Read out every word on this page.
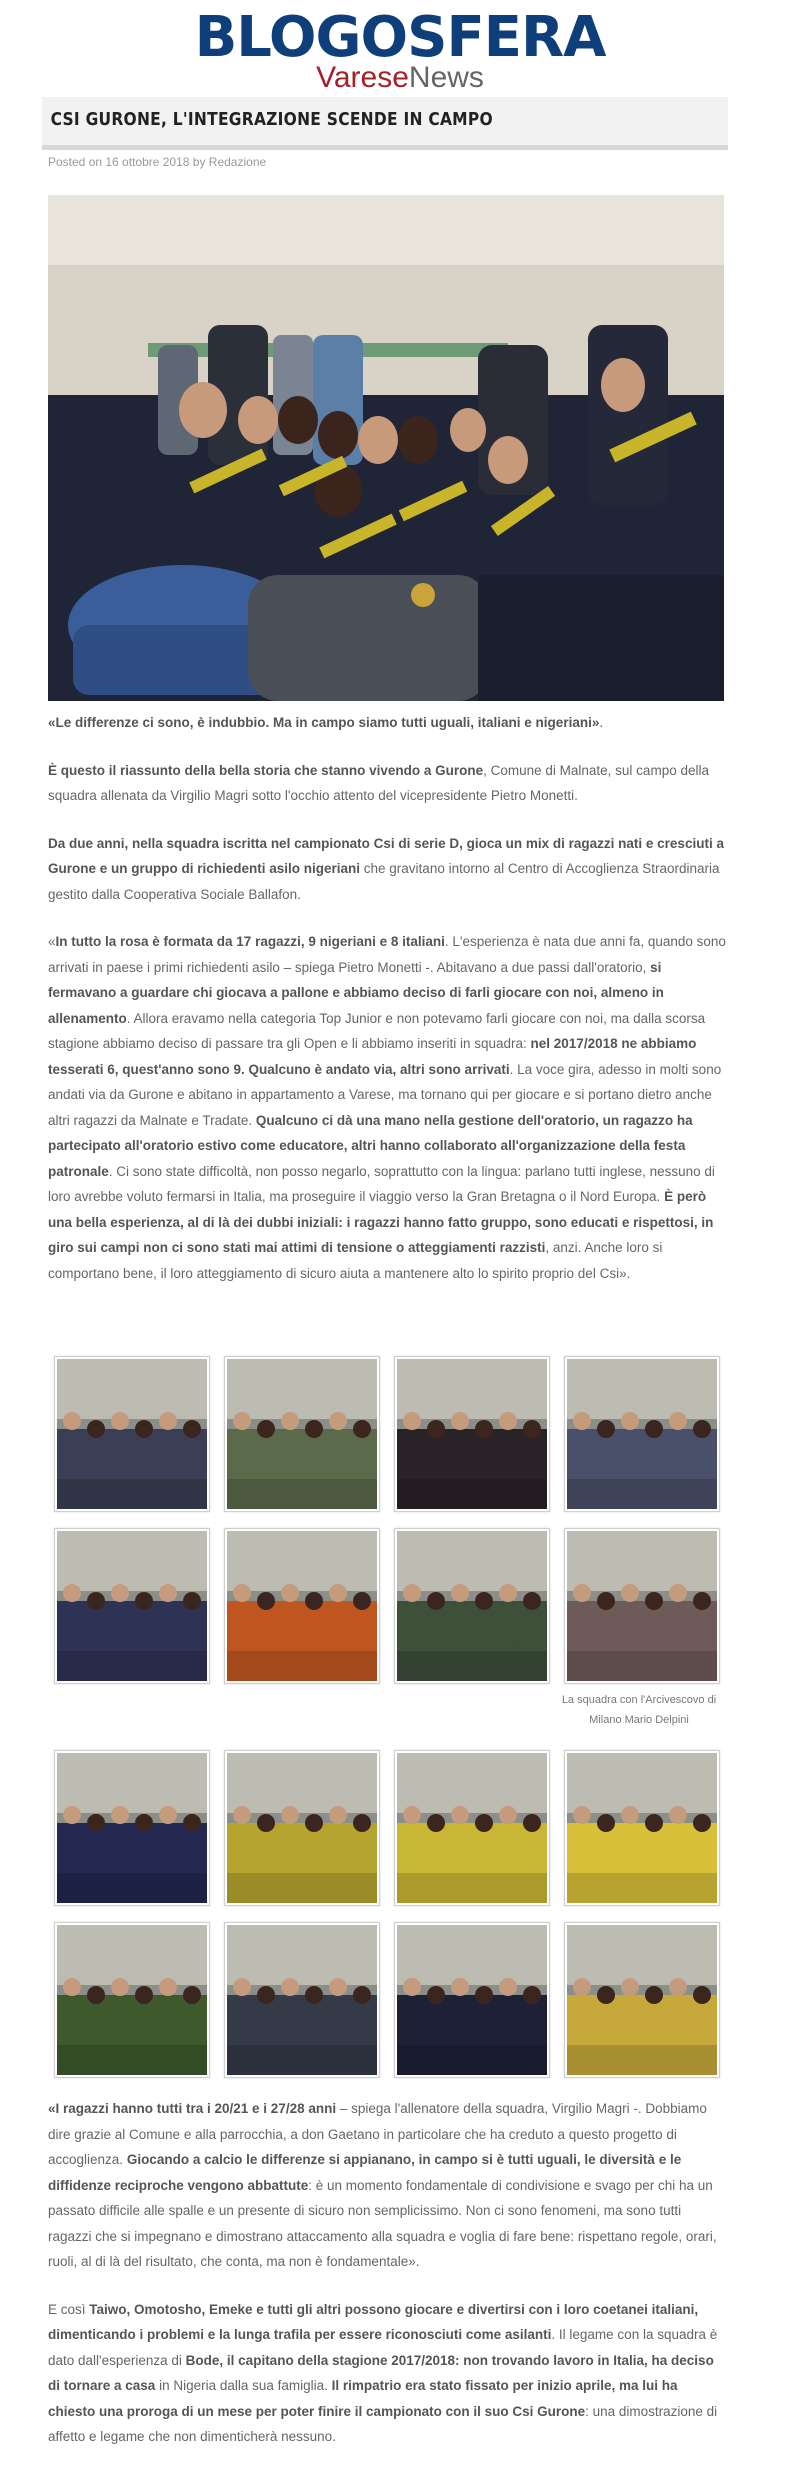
BLOGOSFERA
VareseNews
CSI GURONE, L'INTEGRAZIONE SCENDE IN CAMPO
Posted on 16 ottobre 2018 by Redazione

«Le differenze ci sono, è indubbio. Ma in campo siamo tutti uguali, italiani e nigeriani».

È questo il riassunto della bella storia che stanno vivendo a Gurone, Comune di Malnate, sul campo della squadra allenata da Virgilio Magri sotto l'occhio attento del vicepresidente Pietro Monetti.

Da due anni, nella squadra iscritta nel campionato Csi di serie D, gioca un mix di ragazzi nati e cresciuti a Gurone e un gruppo di richiedenti asilo nigeriani che gravitano intorno al Centro di Accoglienza Straordinaria gestito dalla Cooperativa Sociale Ballafon.

«In tutto la rosa è formata da 17 ragazzi, 9 nigeriani e 8 italiani. L'esperienza è nata due anni fa, quando sono arrivati in paese i primi richiedenti asilo – spiega Pietro Monetti -. Abitavano a due passi dall'oratorio, si fermavano a guardare chi giocava a pallone e abbiamo deciso di farli giocare con noi, almeno in allenamento. Allora eravamo nella categoria Top Junior e non potevamo farli giocare con noi, ma dalla scorsa stagione abbiamo deciso di passare tra gli Open e li abbiamo inseriti in squadra: nel 2017/2018 ne abbiamo tesserati 6, quest'anno sono 9. Qualcuno è andato via, altri sono arrivati. La voce gira, adesso in molti sono andati via da Gurone e abitano in appartamento a Varese, ma tornano qui per giocare e si portano dietro anche altri ragazzi da Malnate e Tradate. Qualcuno ci dà una mano nella gestione dell'oratorio, un ragazzo ha partecipato all'oratorio estivo come educatore, altri hanno collaborato all'organizzazione della festa patronale. Ci sono state difficoltà, non posso negarlo, soprattutto con la lingua: parlano tutti inglese, nessuno di loro avrebbe voluto fermarsi in Italia, ma proseguire il viaggio verso la Gran Bretagna o il Nord Europa. È però una bella esperienza, al di là dei dubbi iniziali: i ragazzi hanno fatto gruppo, sono educati e rispettosi, in giro sui campi non ci sono stati mai attimi di tensione o atteggiamenti razzisti, anzi. Anche loro si comportano bene, il loro atteggiamento di sicuro aiuta a mantenere alto lo spirito proprio del Csi».

La squadra con l'Arcivescovo di Milano Mario Delpini

«I ragazzi hanno tutti tra i 20/21 e i 27/28 anni – spiega l'allenatore della squadra, Virgilio Magri -. Dobbiamo dire grazie al Comune e alla parrocchia, a don Gaetano in particolare che ha creduto a questo progetto di accoglienza. Giocando a calcio le differenze si appianano, in campo si è tutti uguali, le diversità e le diffidenze reciproche vengono abbattute: è un momento fondamentale di condivisione e svago per chi ha un passato difficile alle spalle e un presente di sicuro non semplicissimo. Non ci sono fenomeni, ma sono tutti ragazzi che si impegnano e dimostrano attaccamento alla squadra e voglia di fare bene: rispettano regole, orari, ruoli, al di là del risultato, che conta, ma non è fondamentale».

E così Taiwo, Omotosho, Emeke e tutti gli altri possono giocare e divertirsi con i loro coetanei italiani, dimenticando i problemi e la lunga trafila per essere riconosciuti come asilanti. Il legame con la squadra è dato dall'esperienza di Bode, il capitano della stagione 2017/2018: non trovando lavoro in Italia, ha deciso di tornare a casa in Nigeria dalla sua famiglia. Il rimpatrio era stato fissato per inizio aprile, ma lui ha chiesto una proroga di un mese per poter finire il campionato con il suo Csi Gurone: una dimostrazione di affetto e legame che non dimenticherà nessuno.
